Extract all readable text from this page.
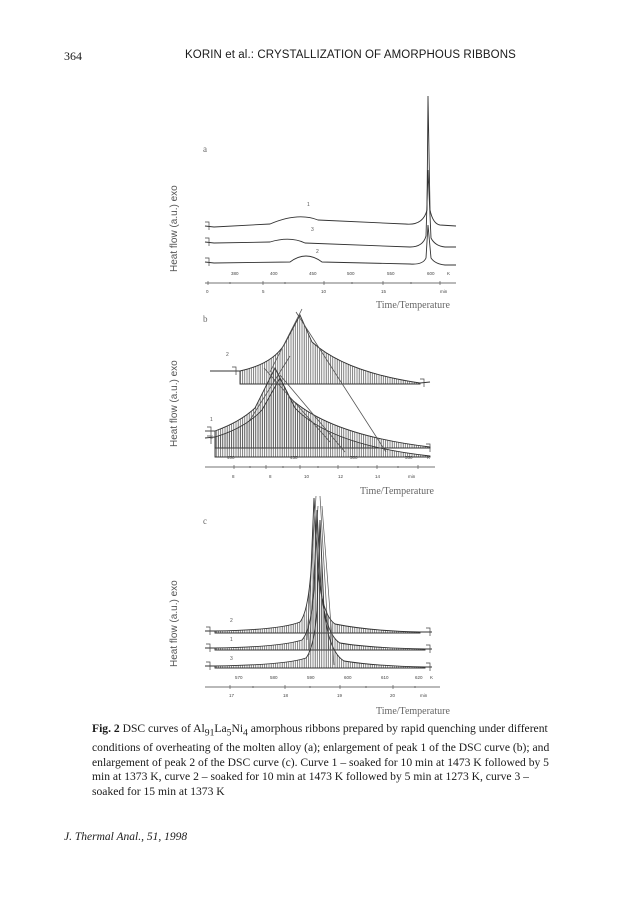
364	KORIN et al.: CRYSTALLIZATION OF AMORPHOUS RIBBONS
a
Heat flow (a.u.) exo	1
3
2
380	400	450	500	550	600	K
0	5	10	15	min
Time/Temperature
b
Heat flow (a.u.) exo
2
1
3
400	450	500	550	K
8	8	10	12	14	min
Time/Temperature
c
Heat flow (a.u.) exo	2
1
3
570	580	590	600	610	620 K
17	18	19	20	min
Time/Temperature
Fig. 2 DSC curves of $Al_{91}La_5Ni_4$ amorphous ribbons prepared by rapid quenching under different conditions of overheating of the molten alloy (a); enlargement of peak 1 of the DSC curve (b); and enlargement of peak 2 of the DSC curve (c). Curve 1 – soaked for 10 min at 1473 K followed by 5 min at 1373 K, curve 2 – soaked for 10 min at 1473 K followed by 5 min at 1273 K, curve 3 – soaked for 15 min at 1373 K
J. Thermal Anal., 51, 1998
